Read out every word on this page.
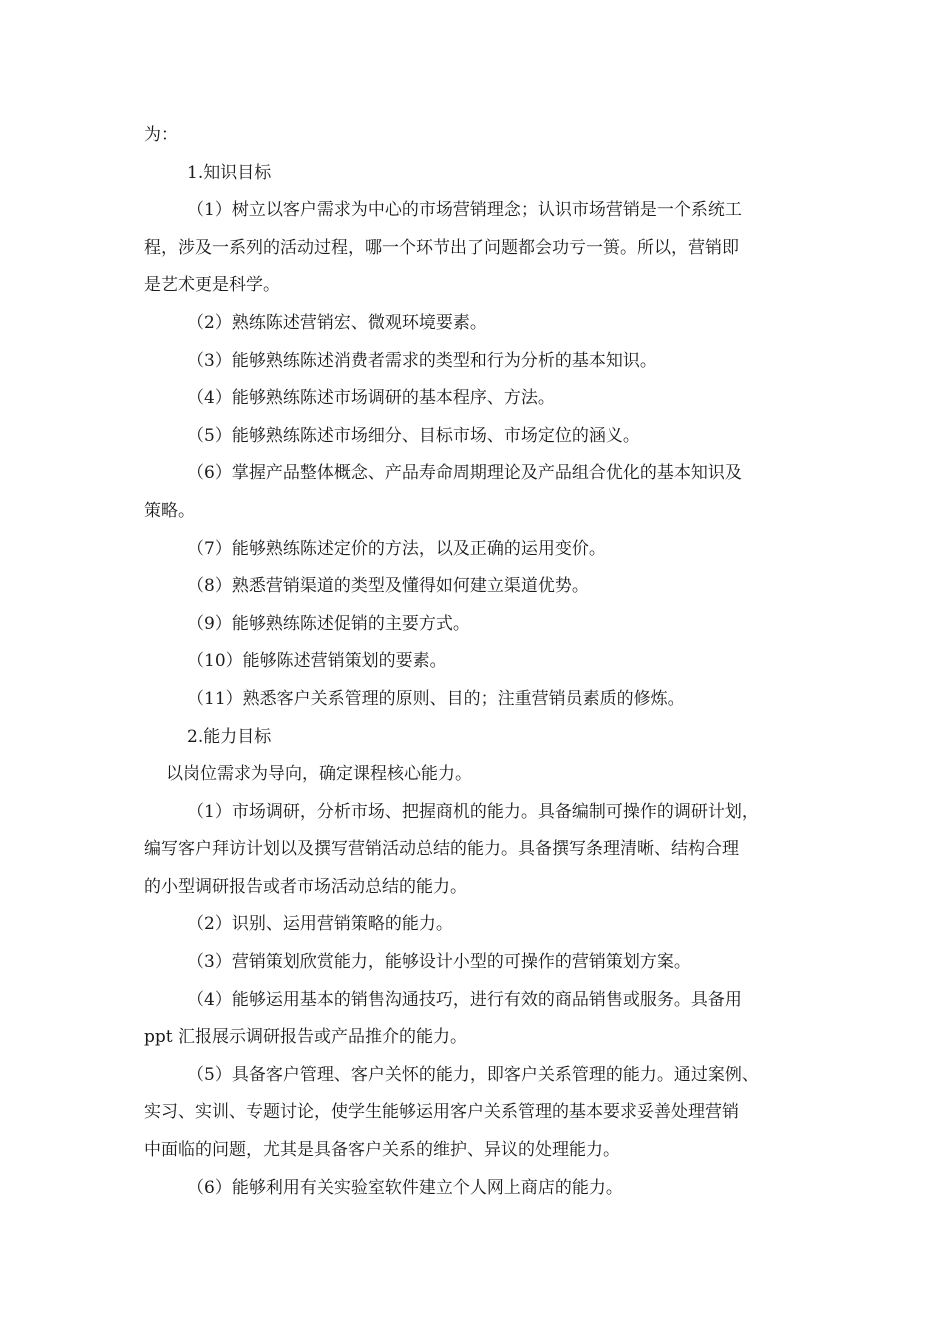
为：
1.知识目标
（1）树立以客户需求为中心的市场营销理念；认识市场营销是一个系统工
程，涉及一系列的活动过程，哪一个环节出了问题都会功亏一篑。所以，营销即
是艺术更是科学。
（2）熟练陈述营销宏、微观环境要素。
（3）能够熟练陈述消费者需求的类型和行为分析的基本知识。
（4）能够熟练陈述市场调研的基本程序、方法。
（5）能够熟练陈述市场细分、目标市场、市场定位的涵义。
（6）掌握产品整体概念、产品寿命周期理论及产品组合优化的基本知识及
策略。
（7）能够熟练陈述定价的方法，以及正确的运用变价。
（8）熟悉营销渠道的类型及懂得如何建立渠道优势。
（9）能够熟练陈述促销的主要方式。
（10）能够陈述营销策划的要素。
（11）熟悉客户关系管理的原则、目的；注重营销员素质的修炼。
2.能力目标
以岗位需求为导向，确定课程核心能力。
（1）市场调研，分析市场、把握商机的能力。具备编制可操作的调研计划，
编写客户拜访计划以及撰写营销活动总结的能力。具备撰写条理清晰、结构合理
的小型调研报告或者市场活动总结的能力。
（2）识别、运用营销策略的能力。
（3）营销策划欣赏能力，能够设计小型的可操作的营销策划方案。
（4）能够运用基本的销售沟通技巧，进行有效的商品销售或服务。具备用
ppt 汇报展示调研报告或产品推介的能力。
（5）具备客户管理、客户关怀的能力，即客户关系管理的能力。通过案例、
实习、实训、专题讨论，使学生能够运用客户关系管理的基本要求妥善处理营销
中面临的问题，尤其是具备客户关系的维护、异议的处理能力。
（6）能够利用有关实验室软件建立个人网上商店的能力。
